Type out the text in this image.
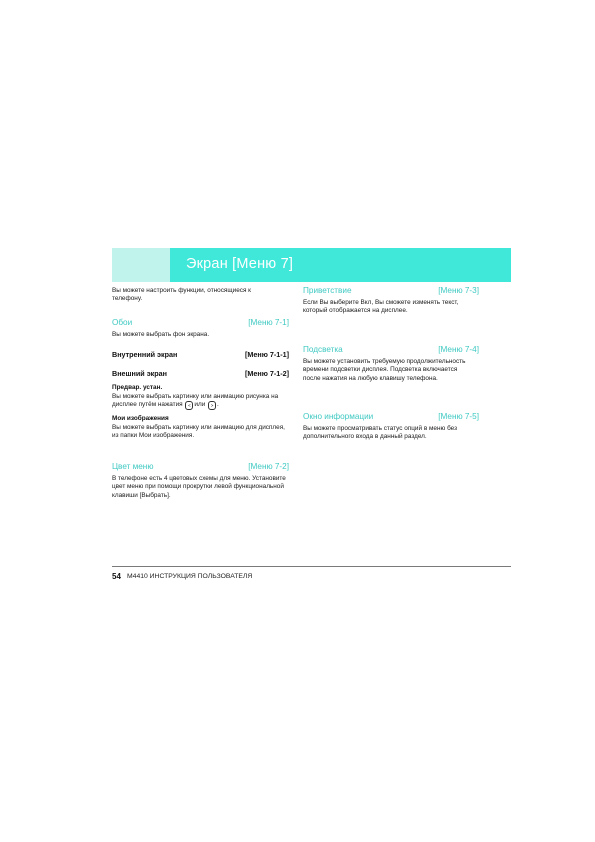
Экран [Меню 7]
Вы можете настроить функции, относящиеся к телефону.
Обои	[Меню 7-1]
Вы можете выбрать фон экрана.
Внутренний экран	[Меню 7-1-1]
Внешний экран	[Меню 7-1-2]
Предвар. устан.
Вы можете выбрать картинку или анимацию рисунка на дисплее путём нажатия < или > .
Мои изображения
Вы можете выбрать картинку или анимацию для дисплея, из папки Мои изображения.
Цвет меню	[Меню 7-2]
В телефоне есть 4 цветовых схемы для меню. Установите цвет меню при помощи прокрутки левой функциональной клавиши [Выбрать].
Приветствие	[Меню 7-3]
Если Вы выберите Вкл, Вы сможете изменять текст, который отображается на дисплее.
Подсветка	[Меню 7-4]
Вы можете установить требуемую продолжительность времени подсветки дисплея. Подсветка включается после нажатия на любую клавишу телефона.
Окно информации	[Меню 7-5]
Вы можете просматривать статус опций в меню без дополнительного входа в данный раздел.
54 M4410 ИНСТРУКЦИЯ ПОЛЬЗОВАТЕЛЯ
